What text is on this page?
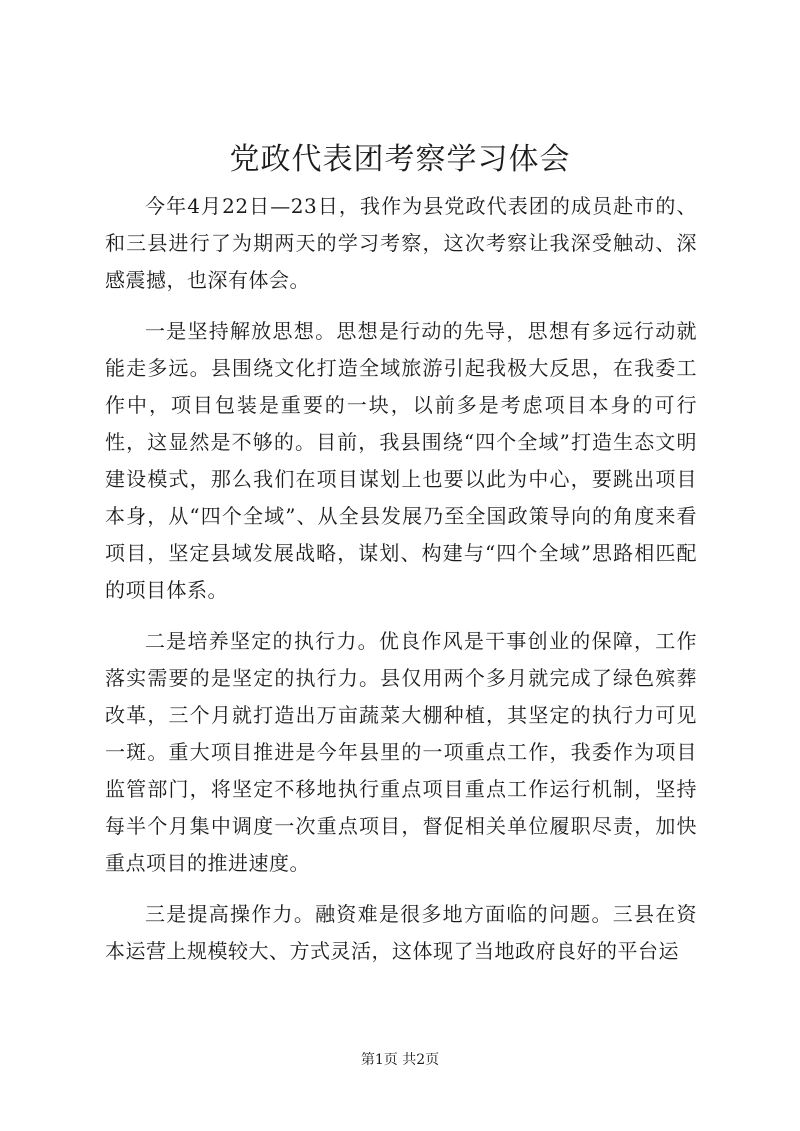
党政代表团考察学习体会

今年4月22日—23日，我作为县党政代表团的成员赴市的、和三县进行了为期两天的学习考察，这次考察让我深受触动、深感震撼，也深有体会。

一是坚持解放思想。思想是行动的先导，思想有多远行动就能走多远。县围绕文化打造全域旅游引起我极大反思，在我委工作中，项目包装是重要的一块，以前多是考虑项目本身的可行性，这显然是不够的。目前，我县围绕“四个全域”打造生态文明建设模式，那么我们在项目谋划上也要以此为中心，要跳出项目本身，从“四个全域”、从全县发展乃至全国政策导向的角度来看项目，坚定县域发展战略，谋划、构建与“四个全域”思路相匹配的项目体系。

二是培养坚定的执行力。优良作风是干事创业的保障，工作落实需要的是坚定的执行力。县仅用两个多月就完成了绿色殡葬改革，三个月就打造出万亩蔬菜大棚种植，其坚定的执行力可见一斑。重大项目推进是今年县里的一项重点工作，我委作为项目监管部门，将坚定不移地执行重点项目重点工作运行机制，坚持每半个月集中调度一次重点项目，督促相关单位履职尽责，加快重点项目的推进速度。

三是提高操作力。融资难是很多地方面临的问题。三县在资本运营上规模较大、方式灵活，这体现了当地政府良好的平台运

第1页 共2页
